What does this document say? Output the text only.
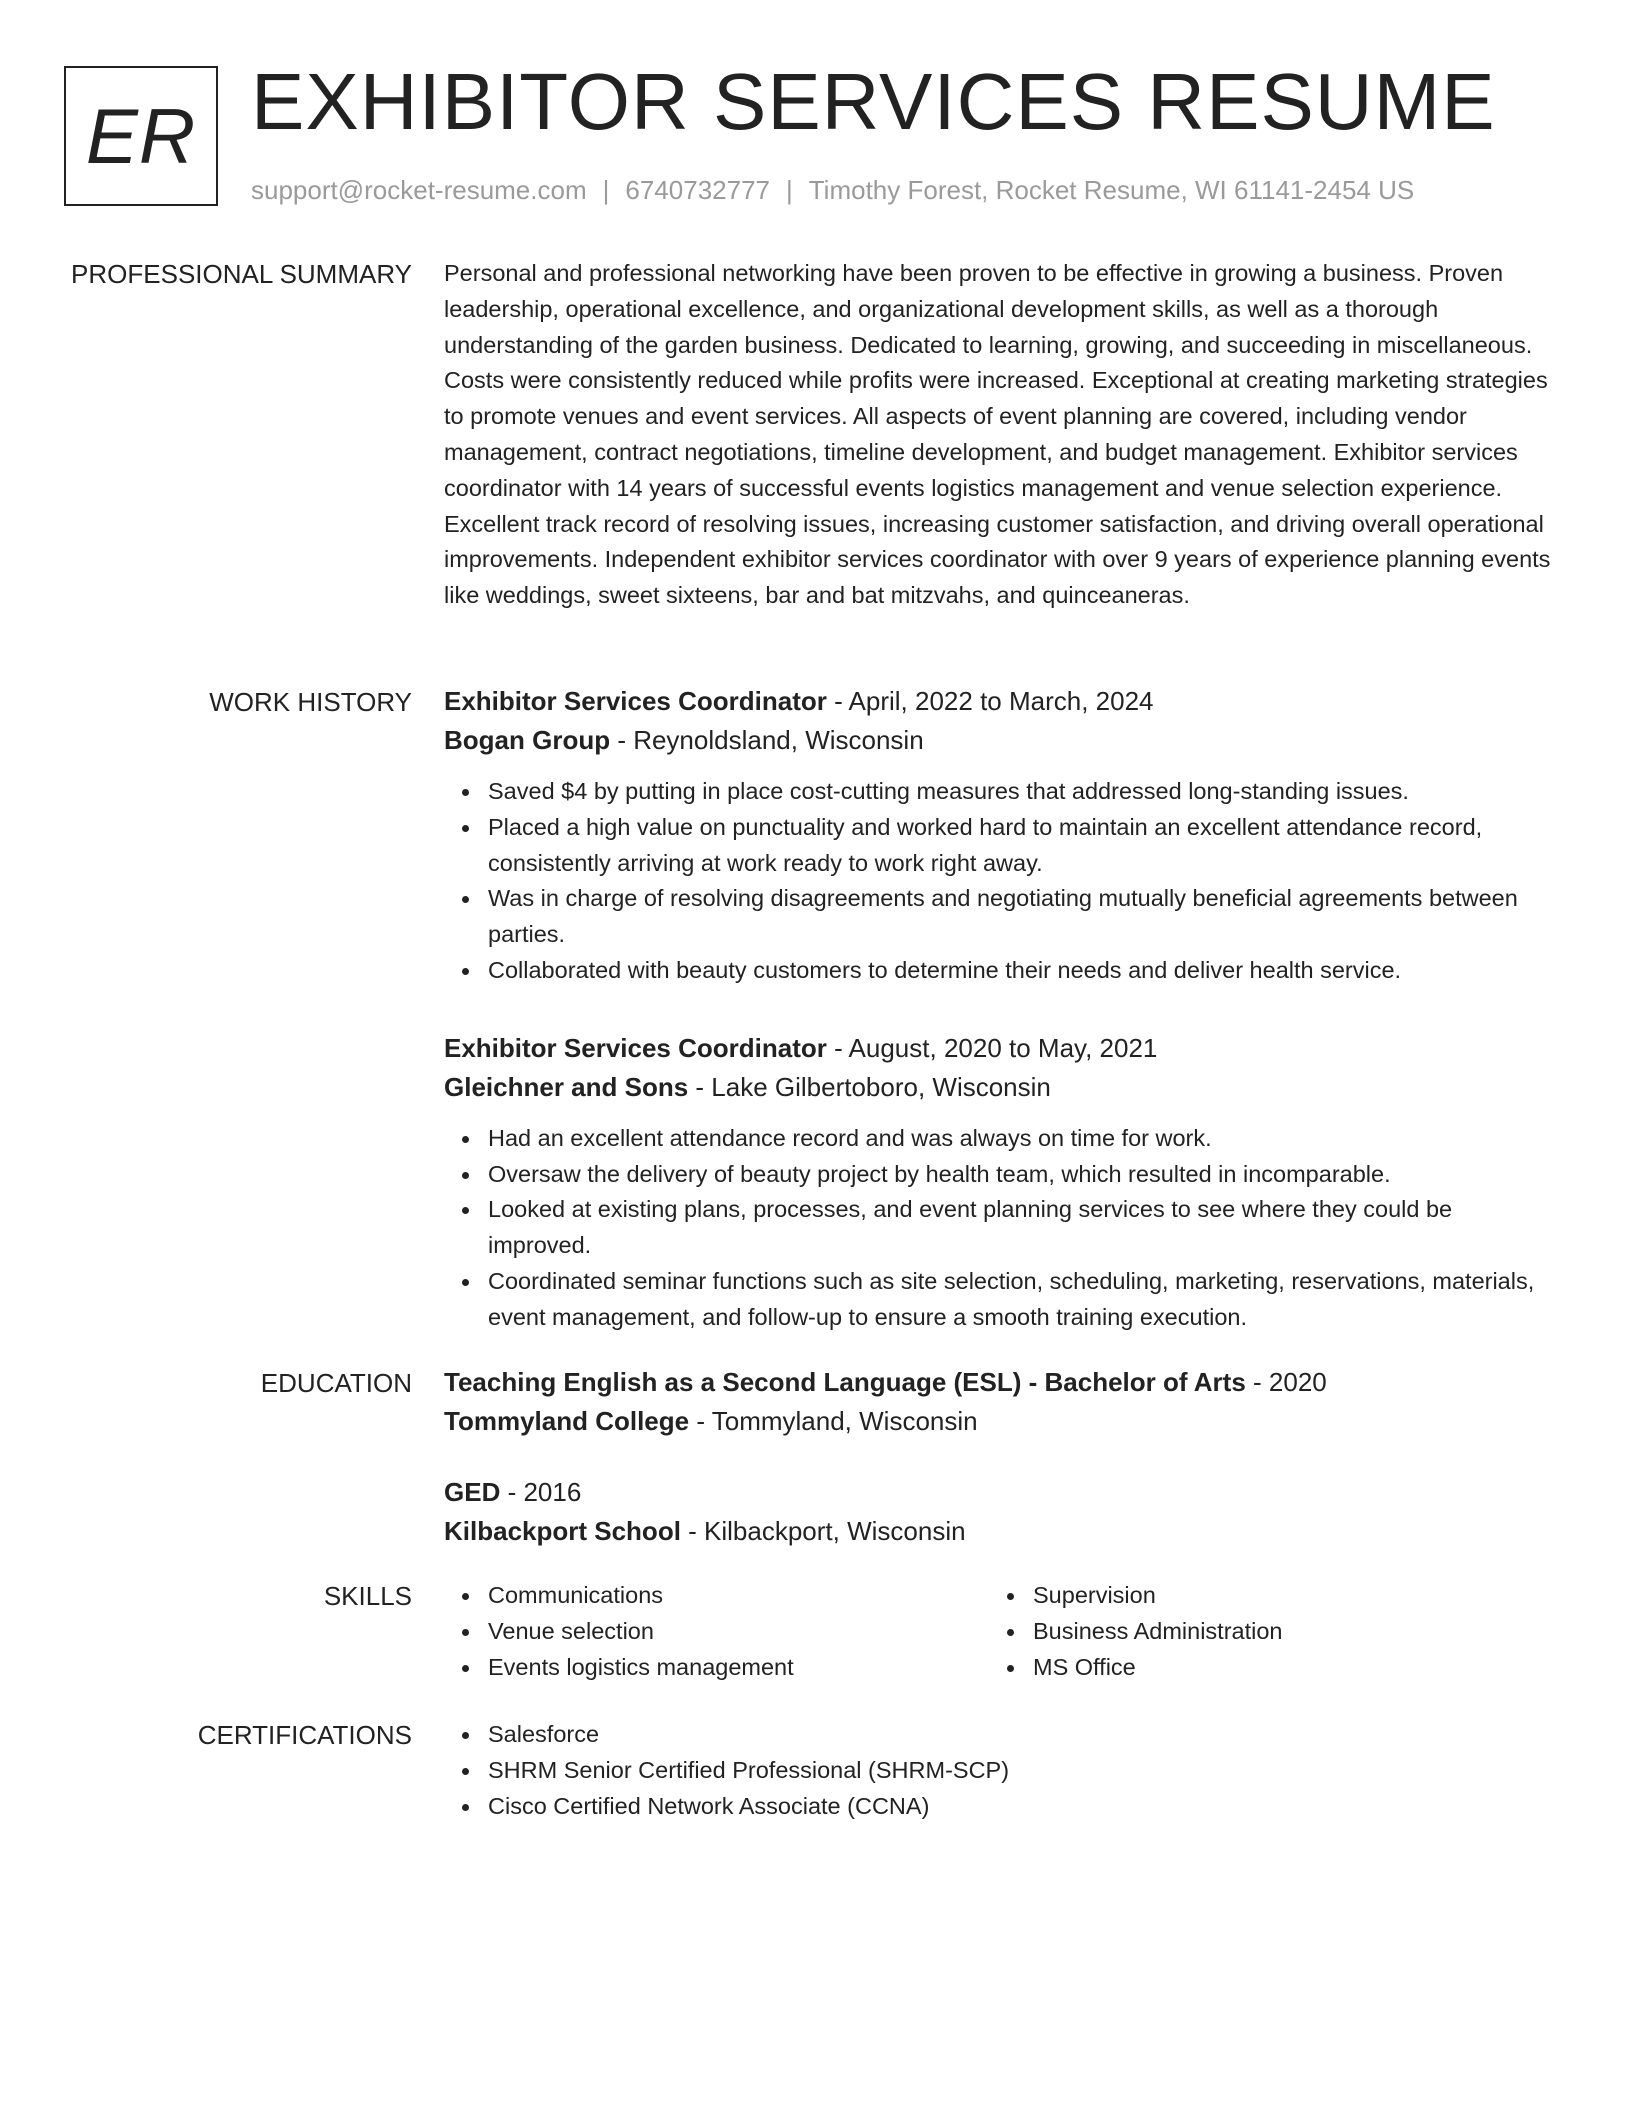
ER EXHIBITOR SERVICES RESUME
support@rocket-resume.com | 6740732777 | Timothy Forest, Rocket Resume, WI 61141-2454 US
PROFESSIONAL SUMMARY Personal and professional networking have been proven to be effective in growing a business. Proven leadership, operational excellence, and organizational development skills, as well as a thorough understanding of the garden business. Dedicated to learning, growing, and succeeding in miscellaneous. Costs were consistently reduced while profits were increased. Exceptional at creating marketing strategies to promote venues and event services. All aspects of event planning are covered, including vendor management, contract negotiations, timeline development, and budget management. Exhibitor services coordinator with 14 years of successful events logistics management and venue selection experience. Excellent track record of resolving issues, increasing customer satisfaction, and driving overall operational improvements. Independent exhibitor services coordinator with over 9 years of experience planning events like weddings, sweet sixteens, bar and bat mitzvahs, and quinceaneras.

WORK HISTORY Exhibitor Services Coordinator - April, 2022 to March, 2024
Bogan Group - Reynoldsland, Wisconsin
Saved $4 by putting in place cost-cutting measures that addressed long-standing issues.
Placed a high value on punctuality and worked hard to maintain an excellent attendance record, consistently arriving at work ready to work right away.
Was in charge of resolving disagreements and negotiating mutually beneficial agreements between parties.
Collaborated with beauty customers to determine their needs and deliver health service.
Exhibitor Services Coordinator - August, 2020 to May, 2021
Gleichner and Sons - Lake Gilbertoboro, Wisconsin
Had an excellent attendance record and was always on time for work.
Oversaw the delivery of beauty project by health team, which resulted in incomparable.
Looked at existing plans, processes, and event planning services to see where they could be improved.
Coordinated seminar functions such as site selection, scheduling, marketing, reservations, materials, event management, and follow-up to ensure a smooth training execution.
EDUCATION Teaching English as a Second Language (ESL) - Bachelor of Arts - 2020
Tommyland College - Tommyland, Wisconsin
GED - 2016
Kilbackport School - Kilbackport, Wisconsin
SKILLS	Communications
Venue selection
Events logistics management
Supervision
Business Administration
MS Office
CERTIFICATIONS	Salesforce
SHRM Senior Certified Professional (SHRM-SCP)
Cisco Certified Network Associate (CCNA)
